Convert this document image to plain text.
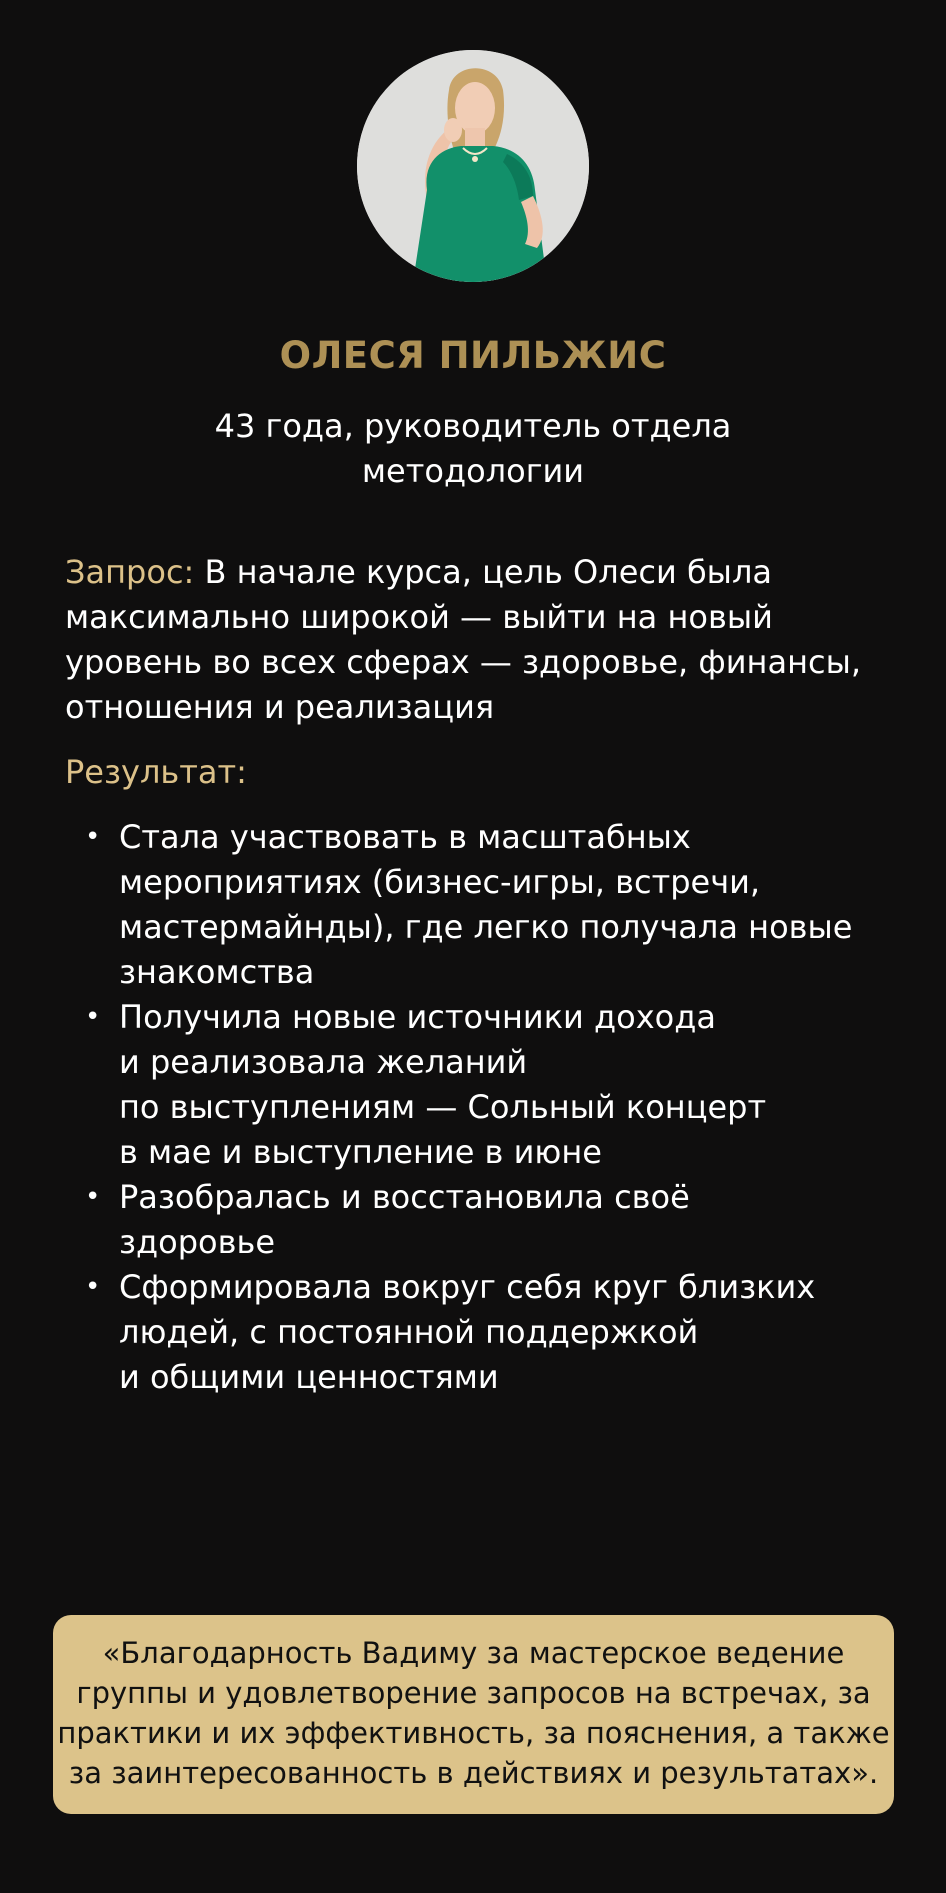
ОЛЕСЯ ПИЛЬЖИС
43 года, руководитель отдела
методологии

Запрос: В начале курса, цель Олеси была

максимально широкой — выйти на новый

уровень во всех сферах — здоровье, финансы,

отношения и реализация

Результат:
• Стала участвовать в масштабных
мероприятиях (бизнес-игры, встречи,
мастермайнды), где легко получала новые
знакомства
• Получила новые источники дохода
и реализовала желаний
по выступлениям — Сольный концерт
в мае и выступление в июне
• Разобралась и восстановила своё
здоровье
• Сформировала вокруг себя круг близких
людей, с постоянной поддержкой
и общими ценностями
«Благодарность Вадиму за мастерское ведение
группы и удовлетворение запросов на встречах, за
практики и их эффективность, за пояснения, а также
за заинтересованность в действиях и результатах».
